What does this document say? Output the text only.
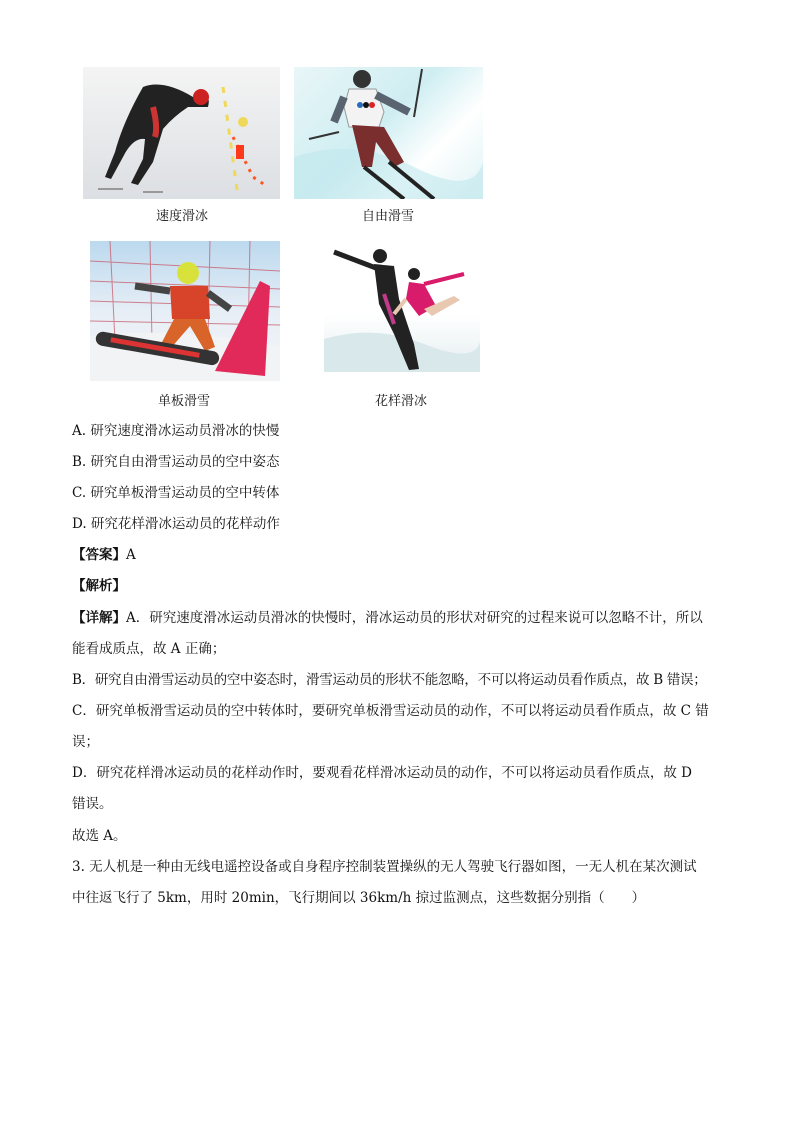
速度滑冰	自由滑雪
单板滑雪	花样滑冰
A. 研究速度滑冰运动员滑冰的快慢
B. 研究自由滑雪运动员的空中姿态
C. 研究单板滑雪运动员的空中转体
D. 研究花样滑冰运动员的花样动作
【答案】A
【解析】
【详解】A．研究速度滑冰运动员滑冰的快慢时，滑冰运动员的形状对研究的过程来说可以忽略不计，所以
能看成质点，故 A 正确；
B．研究自由滑雪运动员的空中姿态时，滑雪运动员的形状不能忽略，不可以将运动员看作质点，故 B 错误；
C．研究单板滑雪运动员的空中转体时，要研究单板滑雪运动员的动作，不可以将运动员看作质点，故 C 错
误；
D．研究花样滑冰运动员的花样动作时，要观看花样滑冰运动员的动作，不可以将运动员看作质点，故 D
错误。
故选 A。
3. 无人机是一种由无线电遥控设备或自身程序控制装置操纵的无人驾驶飞行器如图，一无人机在某次测试
中往返飞行了 5km，用时 20min，飞行期间以 36km/h 掠过监测点，这些数据分别指（　　）
